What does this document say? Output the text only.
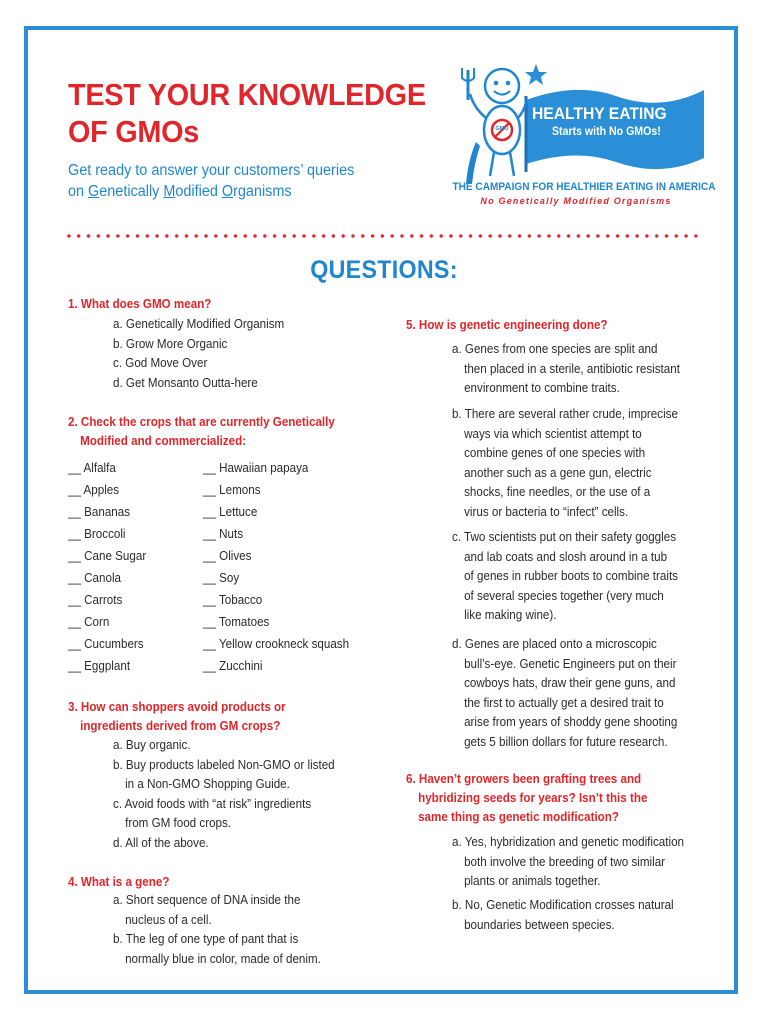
TEST YOUR KNOWLEDGE
OF GMOs
Get ready to answer your customers’ queries
on Genetically Modified Organisms
HEALTHY EATING
Starts with No GMOs!
GMO
THE CAMPAIGN FOR HEALTHIER EATING IN AMERICA
No Genetically Modified Organisms
QUESTIONS:
1. What does GMO mean?
a. Genetically Modified Organism
b. Grow More Organic
c. God Move Over
d. Get Monsanto Outta-here
2. Check the crops that are currently Genetically
Modified and commercialized:
__ Alfalfa
__ Apples
__ Bananas
__ Broccoli
__ Cane Sugar
__ Canola
__ Carrots
__ Corn
__ Cucumbers
__ Eggplant
__ Hawaiian papaya
__ Lemons
__ Lettuce
__ Nuts
__ Olives
__ Soy
__ Tobacco
__ Tomatoes
__ Yellow crookneck squash
__ Zucchini
3. How can shoppers avoid products or
ingredients derived from GM crops?
a. Buy organic.
b. Buy products labeled Non-GMO or listed
in a Non-GMO Shopping Guide.
c. Avoid foods with “at risk” ingredients
from GM food crops.
d. All of the above.
4. What is a gene?
a. Short sequence of DNA inside the
nucleus of a cell.
b. The leg of one type of pant that is
normally blue in color, made of denim.
5. How is genetic engineering done?
a. Genes from one species are split and
then placed in a sterile, antibiotic resistant
environment to combine traits.
b. There are several rather crude, imprecise
ways via which scientist attempt to
combine genes of one species with
another such as a gene gun, electric
shocks, fine needles, or the use of a
virus or bacteria to “infect” cells.
c. Two scientists put on their safety goggles
and lab coats and slosh around in a tub
of genes in rubber boots to combine traits
of several species together (very much
like making wine).
d. Genes are placed onto a microscopic
bull’s-eye. Genetic Engineers put on their
cowboys hats, draw their gene guns, and
the first to actually get a desired trait to
arise from years of shoddy gene shooting
gets 5 billion dollars for future research.
6. Haven’t growers been grafting trees and
hybridizing seeds for years? Isn’t this the
same thing as genetic modification?
a. Yes, hybridization and genetic modification
both involve the breeding of two similar
plants or animals together.
b. No, Genetic Modification crosses natural
boundaries between species.
